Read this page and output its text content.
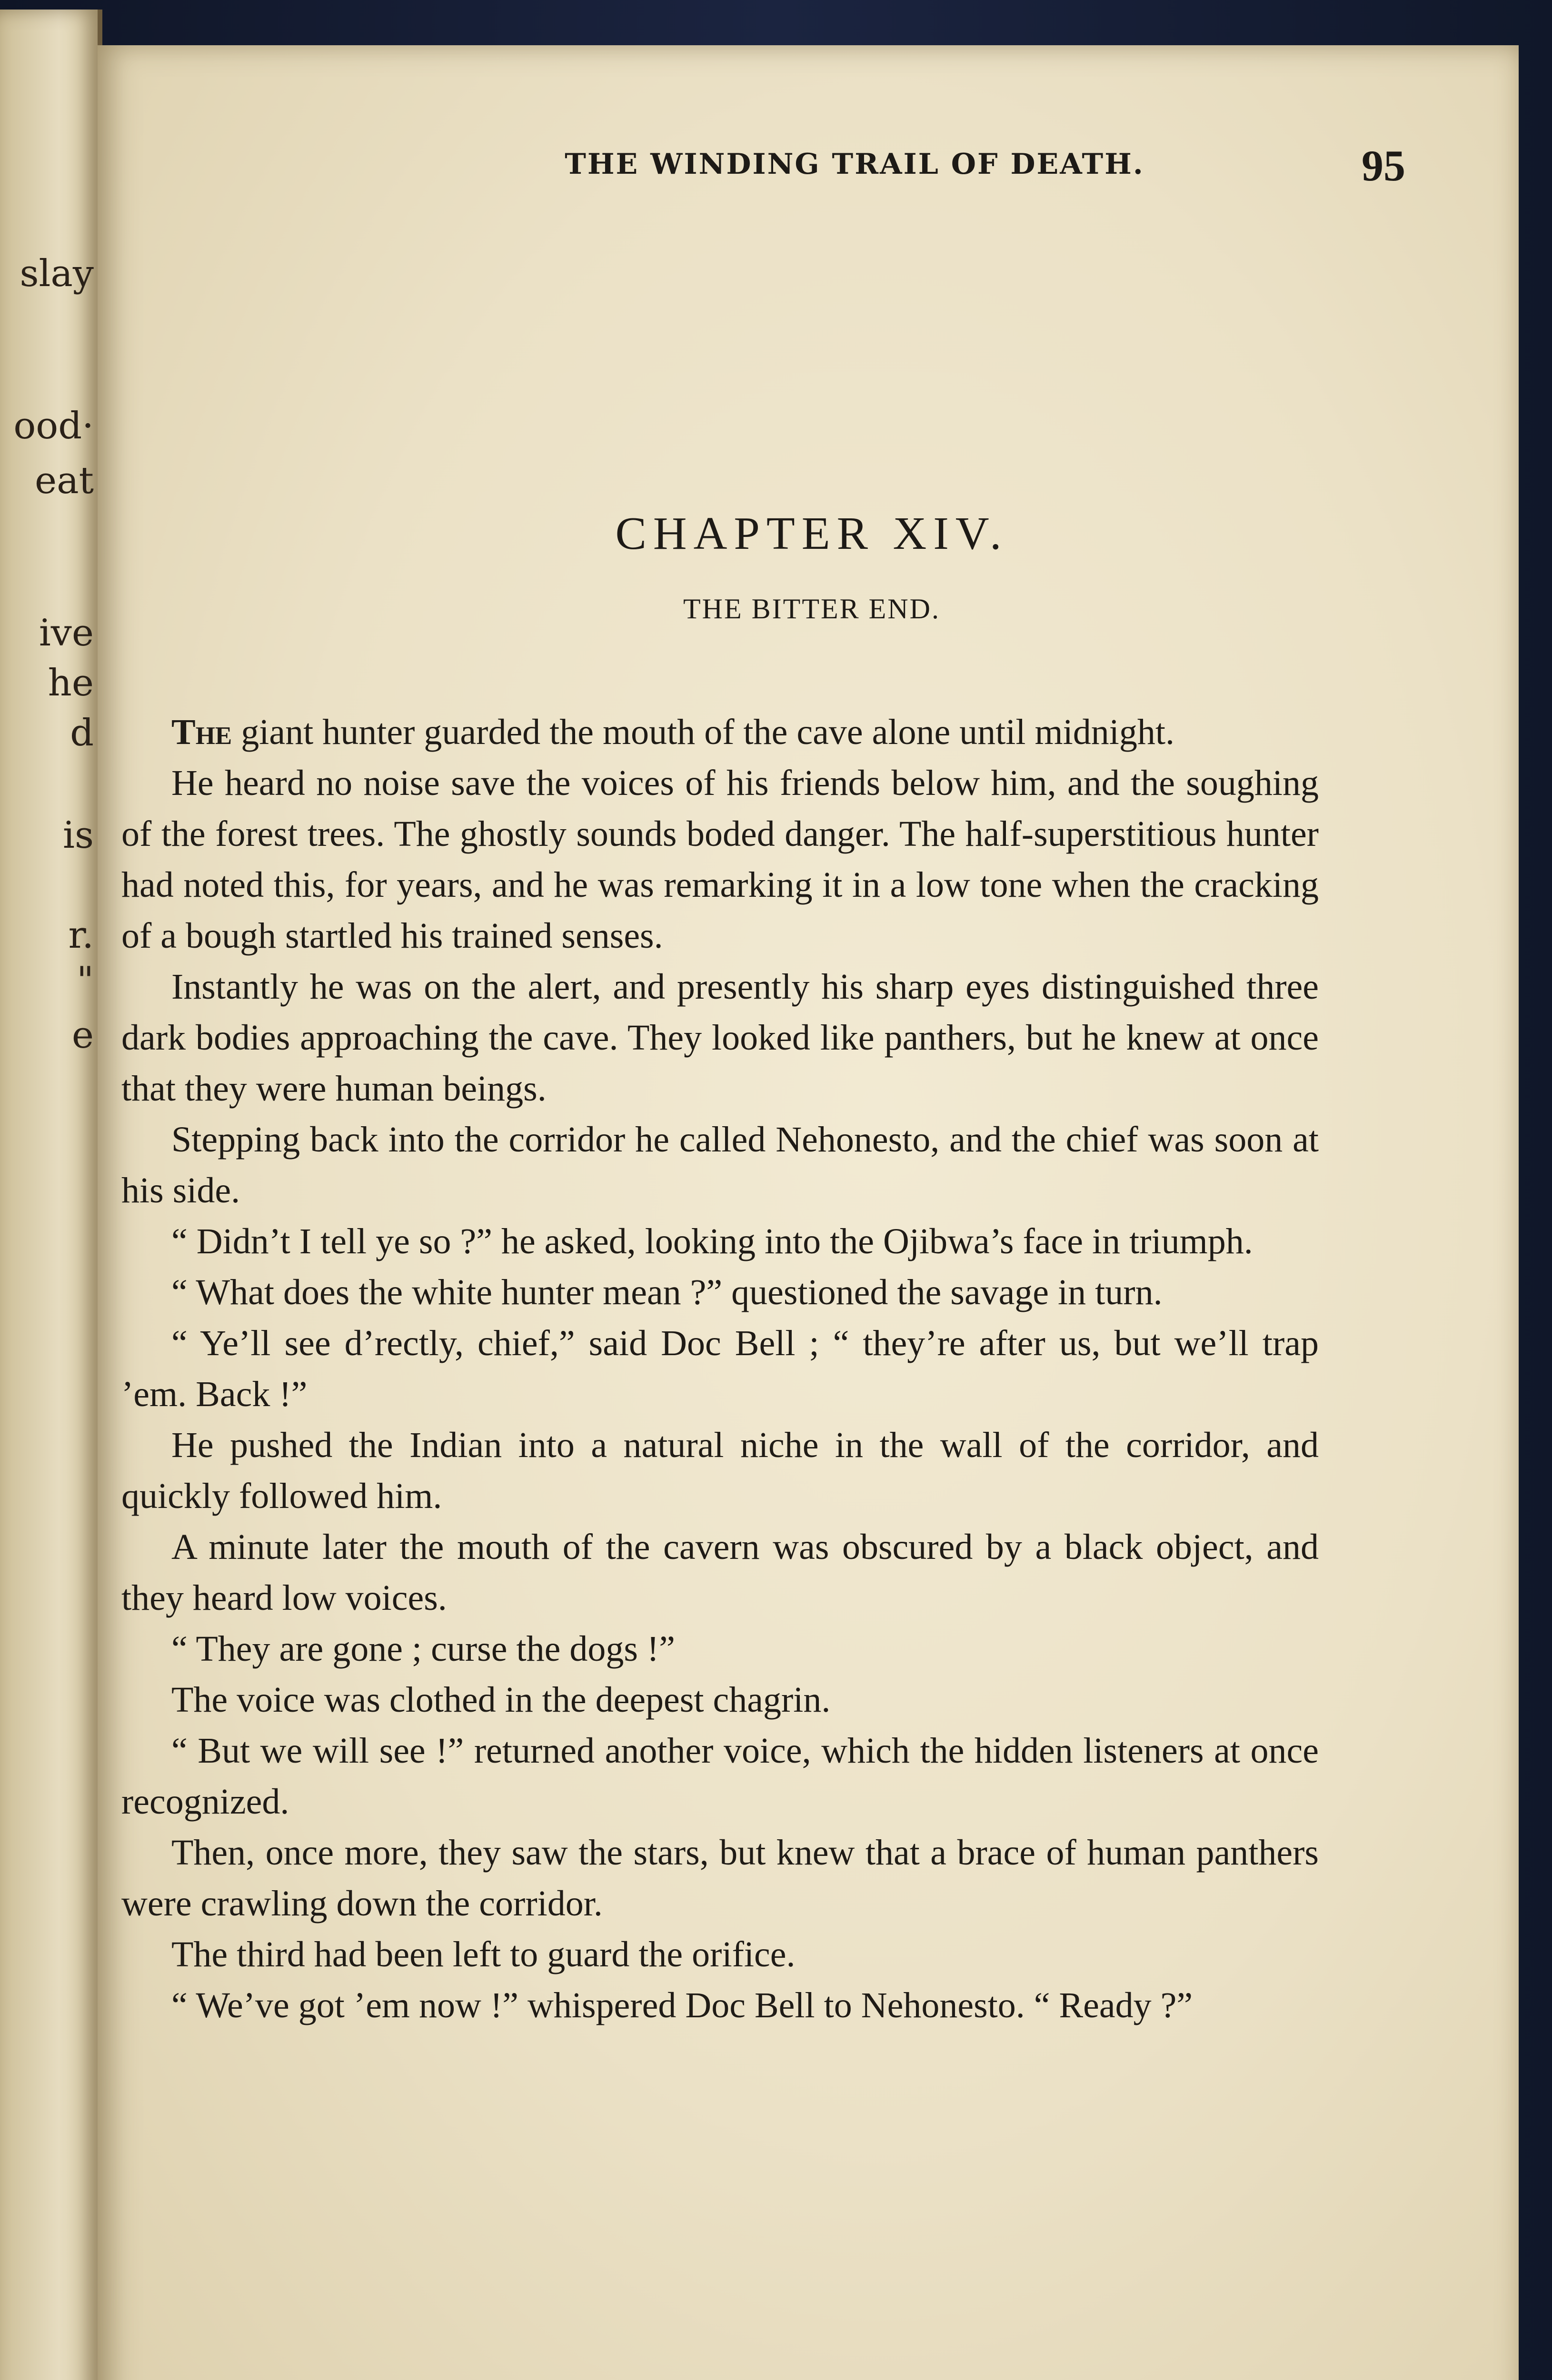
slay
ood·
eat
ive
he
d
is
r.
"
e
THE WINDING TRAIL OF DEATH.	95
CHAPTER XIV.
THE BITTER END.

The giant hunter guarded the mouth of the cave alone until midnight.

He heard no noise save the voices of his friends below him, and the soughing of the forest trees. The ghostly sounds boded danger. The half-superstitious hunter had noted this, for years, and he was remarking it in a low tone when the cracking of a bough startled his trained senses.

Instantly he was on the alert, and presently his sharp eyes distinguished three dark bodies approaching the cave. They looked like panthers, but he knew at once that they were human beings.

Stepping back into the corridor he called Nehonesto, and the chief was soon at his side.

“ Didn’t I tell ye so ?” he asked, looking into the Ojibwa’s face in triumph.

“ What does the white hunter mean ?” questioned the savage in turn.

“ Ye’ll see d’rectly, chief,” said Doc Bell ; “ they’re after us, but we’ll trap ’em. Back !”

He pushed the Indian into a natural niche in the wall of the corridor, and quickly followed him.

A minute later the mouth of the cavern was obscured by a black object, and they heard low voices.

“ They are gone ; curse the dogs !”

The voice was clothed in the deepest chagrin.

“ But we will see !” returned another voice, which the hidden listeners at once recognized.

Then, once more, they saw the stars, but knew that a brace of human panthers were crawling down the corridor.

The third had been left to guard the orifice.

“ We’ve got ’em now !” whispered Doc Bell to Nehonesto. “ Ready ?”
